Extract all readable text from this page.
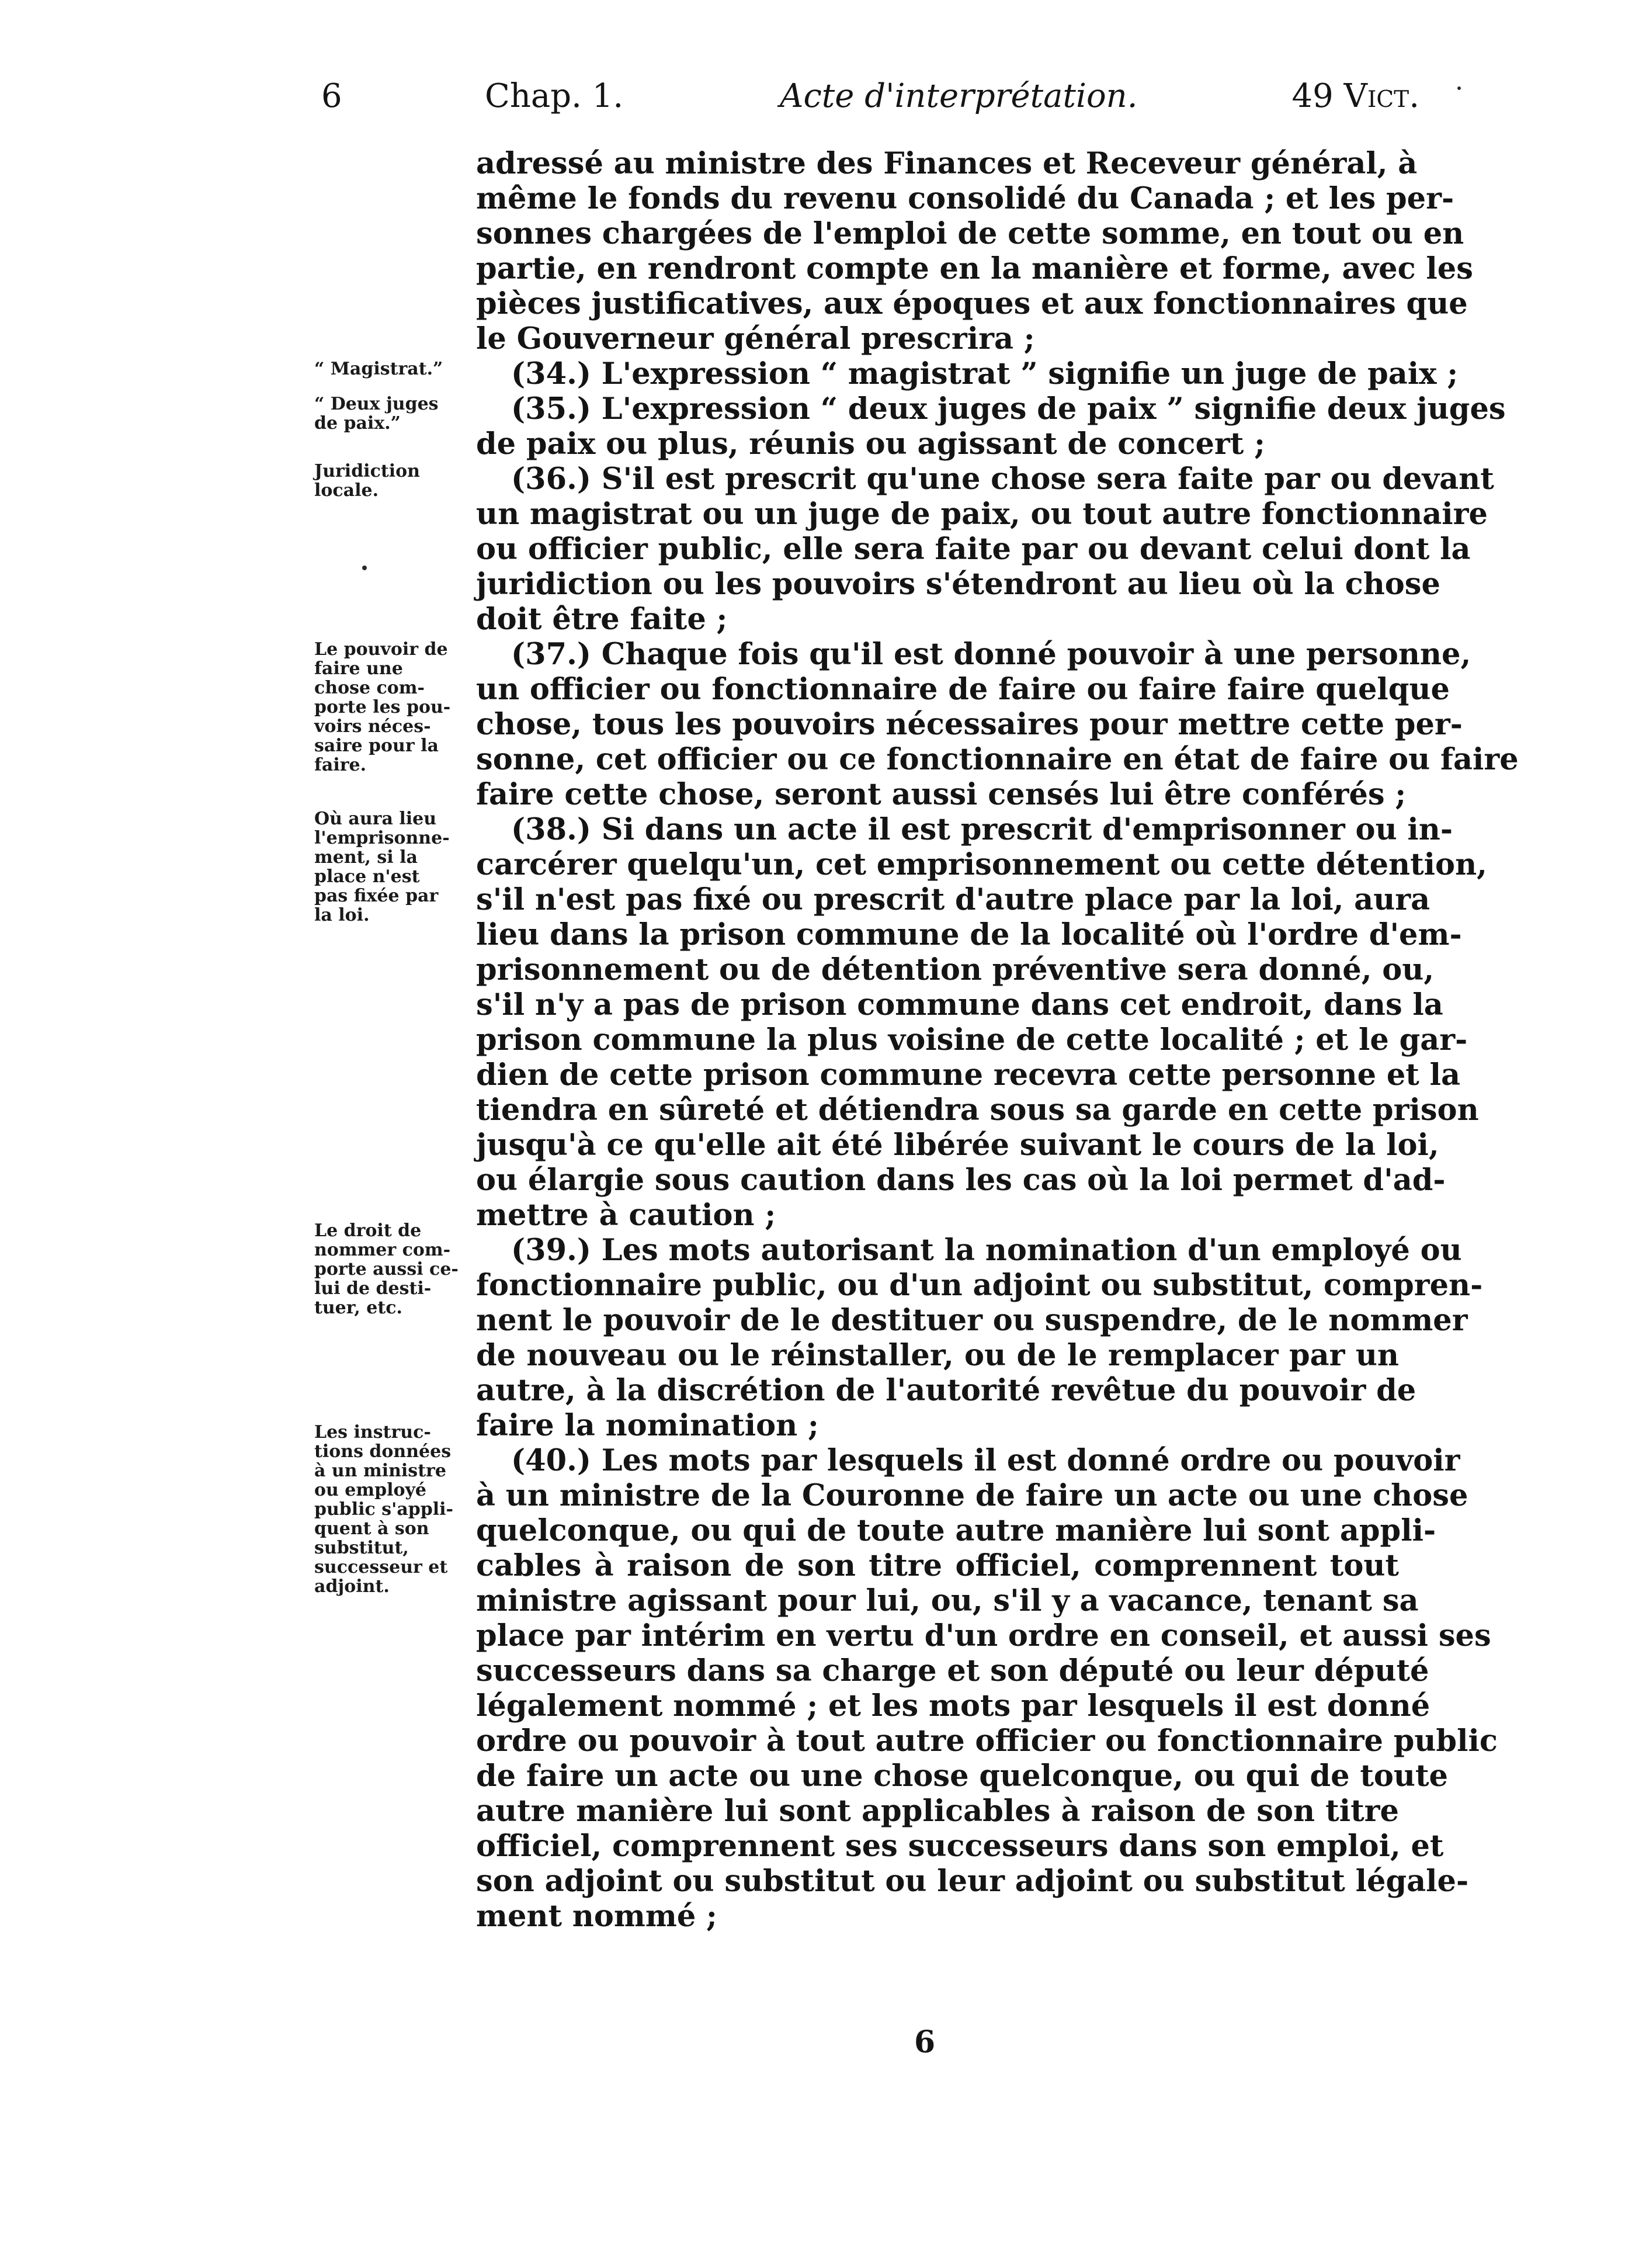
6	Chap. 1.	Acte d'interprétation.	49 Vict.
adressé au ministre des Finances et Receveur général, à
même le fonds du revenu consolidé du Canada ; et les per-
sonnes chargées de l'emploi de cette somme, en tout ou en
partie, en rendront compte en la manière et forme, avec les
pièces justificatives, aux époques et aux fonctionnaires que
le Gouverneur général prescrira ;
(34.) L'expression “ magistrat ” signifie un juge de paix ;
(35.) L'expression “ deux juges de paix ” signifie deux juges
de paix ou plus, réunis ou agissant de concert ;
(36.) S'il est prescrit qu'une chose sera faite par ou devant
un magistrat ou un juge de paix, ou tout autre fonctionnaire
ou officier public, elle sera faite par ou devant celui dont la
juridiction ou les pouvoirs s'étendront au lieu où la chose
doit être faite ;
(37.) Chaque fois qu'il est donné pouvoir à une personne,
un officier ou fonctionnaire de faire ou faire faire quelque
chose, tous les pouvoirs nécessaires pour mettre cette per-
sonne, cet officier ou ce fonctionnaire en état de faire ou faire
faire cette chose, seront aussi censés lui être conférés ;
(38.) Si dans un acte il est prescrit d'emprisonner ou in-
carcérer quelqu'un, cet emprisonnement ou cette détention,
s'il n'est pas fixé ou prescrit d'autre place par la loi, aura
lieu dans la prison commune de la localité où l'ordre d'em-
prisonnement ou de détention préventive sera donné, ou,
s'il n'y a pas de prison commune dans cet endroit, dans la
prison commune la plus voisine de cette localité ; et le gar-
dien de cette prison commune recevra cette personne et la
tiendra en sûreté et détiendra sous sa garde en cette prison
jusqu'à ce qu'elle ait été libérée suivant le cours de la loi,
ou élargie sous caution dans les cas où la loi permet d'ad-
mettre à caution ;
(39.) Les mots autorisant la nomination d'un employé ou
fonctionnaire public, ou d'un adjoint ou substitut, compren-
nent le pouvoir de le destituer ou suspendre, de le nommer
de nouveau ou le réinstaller, ou de le remplacer par un
autre, à la discrétion de l'autorité revêtue du pouvoir de
faire la nomination ;
(40.) Les mots par lesquels il est donné ordre ou pouvoir
à un ministre de la Couronne de faire un acte ou une chose
quelconque, ou qui de toute autre manière lui sont appli-
cables à raison de son titre officiel, comprennent tout
ministre agissant pour lui, ou, s'il y a vacance, tenant sa
place par intérim en vertu d'un ordre en conseil, et aussi ses
successeurs dans sa charge et son député ou leur député
légalement nommé ; et les mots par lesquels il est donné
ordre ou pouvoir à tout autre officier ou fonctionnaire public
de faire un acte ou une chose quelconque, ou qui de toute
autre manière lui sont applicables à raison de son titre
officiel, comprennent ses successeurs dans son emploi, et
son adjoint ou substitut ou leur adjoint ou substitut légale-
ment nommé ;
“ Magistrat.”
“ Deux juges
de paix.”
Juridiction
locale.
Le pouvoir de
faire une
chose com-
porte les pou-
voirs néces-
saire pour la
faire.
Où aura lieu
l'emprisonne-
ment, si la
place n'est
pas fixée par
la loi.
Le droit de
nommer com-
porte aussi ce-
lui de desti-
tuer, etc.
Les instruc-
tions données
à un ministre
ou employé
public s'appli-
quent à son
substitut,
successeur et
adjoint.
6
